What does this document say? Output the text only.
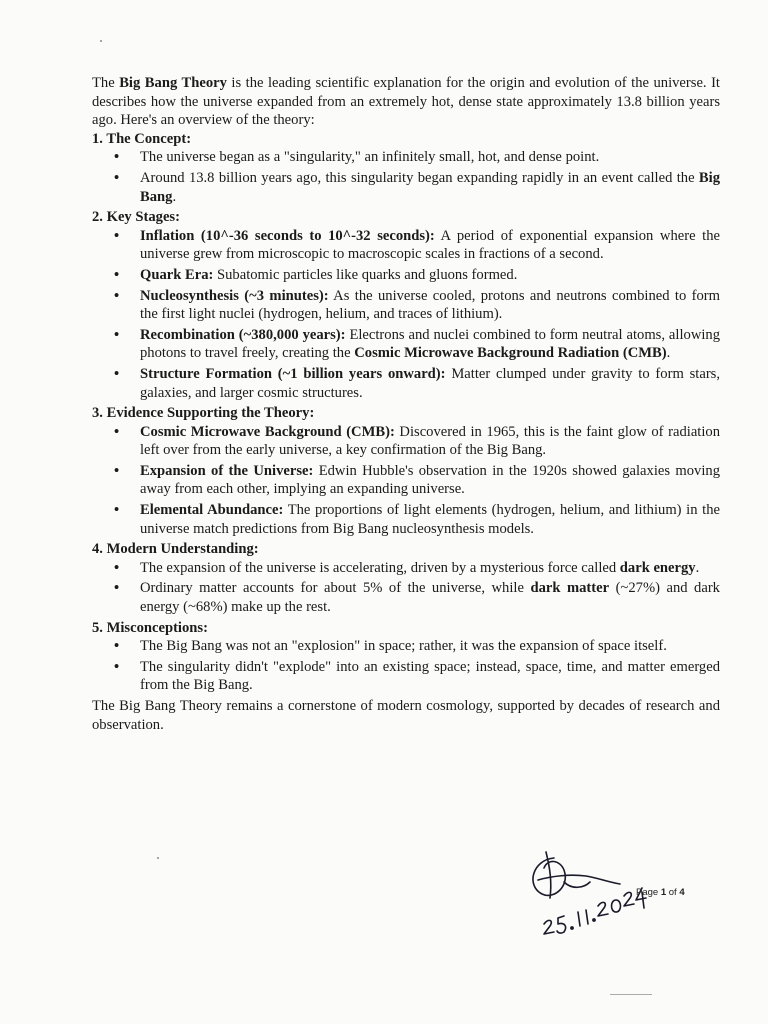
The Big Bang Theory is the leading scientific explanation for the origin and evolution of the universe. It describes how the universe expanded from an extremely hot, dense state approximately 13.8 billion years ago. Here's an overview of the theory:

1. The Concept:

• The universe began as a "singularity," an infinitely small, hot, and dense point.
• Around 13.8 billion years ago, this singularity began expanding rapidly in an event called the Big Bang.

2. Key Stages:

• Inflation (10^-36 seconds to 10^-32 seconds): A period of exponential expansion where the universe grew from microscopic to macroscopic scales in fractions of a second.
• Quark Era: Subatomic particles like quarks and gluons formed.
• Nucleosynthesis (~3 minutes): As the universe cooled, protons and neutrons combined to form the first light nuclei (hydrogen, helium, and traces of lithium).
• Recombination (~380,000 years): Electrons and nuclei combined to form neutral atoms, allowing photons to travel freely, creating the Cosmic Microwave Background Radiation (CMB).
• Structure Formation (~1 billion years onward): Matter clumped under gravity to form stars, galaxies, and larger cosmic structures.

3. Evidence Supporting the Theory:

• Cosmic Microwave Background (CMB): Discovered in 1965, this is the faint glow of radiation left over from the early universe, a key confirmation of the Big Bang.
• Expansion of the Universe: Edwin Hubble's observation in the 1920s showed galaxies moving away from each other, implying an expanding universe.
• Elemental Abundance: The proportions of light elements (hydrogen, helium, and lithium) in the universe match predictions from Big Bang nucleosynthesis models.

4. Modern Understanding:

• The expansion of the universe is accelerating, driven by a mysterious force called dark energy.
• Ordinary matter accounts for about 5% of the universe, while dark matter (~27%) and dark energy (~68%) make up the rest.

5. Misconceptions:

• The Big Bang was not an "explosion" in space; rather, it was the expansion of space itself.
• The singularity didn't "explode" into an existing space; instead, space, time, and matter emerged from the Big Bang.

The Big Bang Theory remains a cornerstone of modern cosmology, supported by decades of research and observation.

Page 1 of 4
